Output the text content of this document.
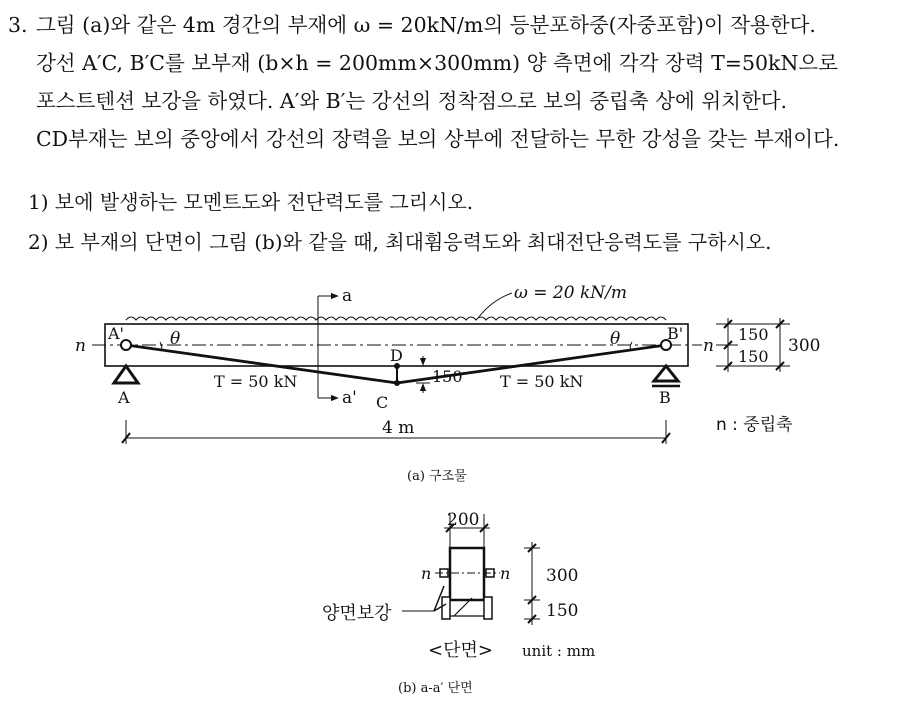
3. 그림 (a)와 같은 4m 경간의 부재에 ω = 20kN/m의 등분포하중(자중포함)이 작용한다.
강선 A′C, B′C를 보부재 (b×h = 200mm×300mm) 양 측면에 각각 장력 T=50kN으로
포스트텐션 보강을 하였다. A′와 B′는 강선의 정착점으로 보의 중립축 상에 위치한다.
CD부재는 보의 중앙에서 강선의 장력을 보의 상부에 전달하는 무한 강성을 갖는 부재이다.
1) 보에 발생하는 모멘트도와 전단력도를 그리시오.
2) 보 부재의 단면이 그림 (b)와 같을 때, 최대휨응력도와 최대전단응력도를 구하시오.
ω = 20 kN/m
n	n
A'	B'
θ	θ
D
C
150
T = 50 kN	T = 50 kN
a
a'
A	B
4 m
150
150
300
n : 중립축
(a) 구조물
200
n	n 300
150
양면보강
<단면> unit : mm
(b) a-a′ 단면
